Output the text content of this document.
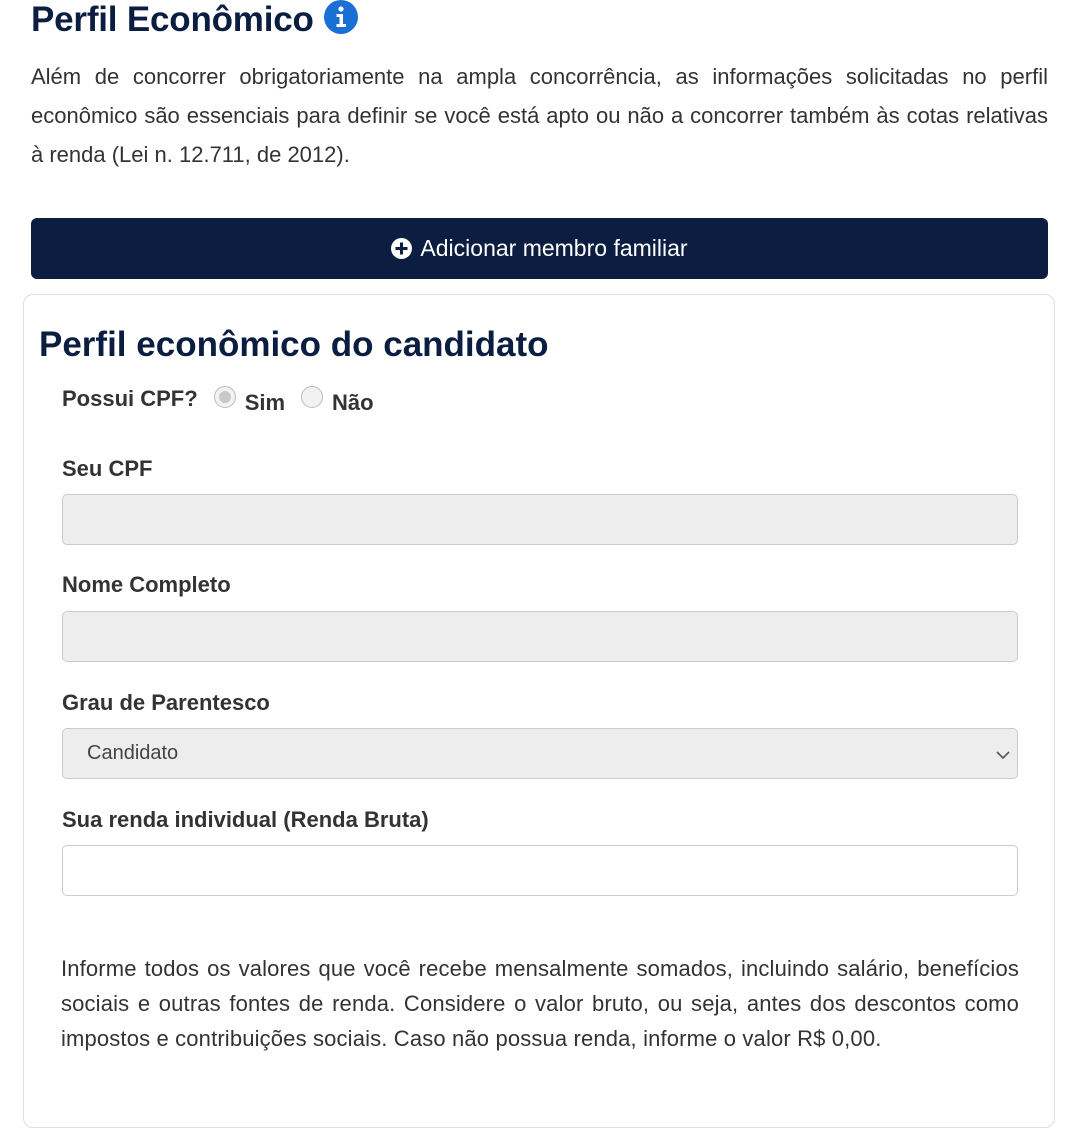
Perfil Econômico

Além de concorrer obrigatoriamente na ampla concorrência, as informações solicitadas no perfil econômico são essenciais para definir se você está apto ou não a concorrer também às cotas relativas à renda (Lei n. 12.711, de 2012).

Adicionar membro familiar
Perfil econômico do candidato
Possui CPF? Sim Não
Seu CPF
Nome Completo
Grau de Parentesco
Candidato
Sua renda individual (Renda Bruta)

Informe todos os valores que você recebe mensalmente somados, incluindo salário, benefícios sociais e outras fontes de renda. Considere o valor bruto, ou seja, antes dos descontos como impostos e contribuições sociais. Caso não possua renda, informe o valor R$ 0,00.
